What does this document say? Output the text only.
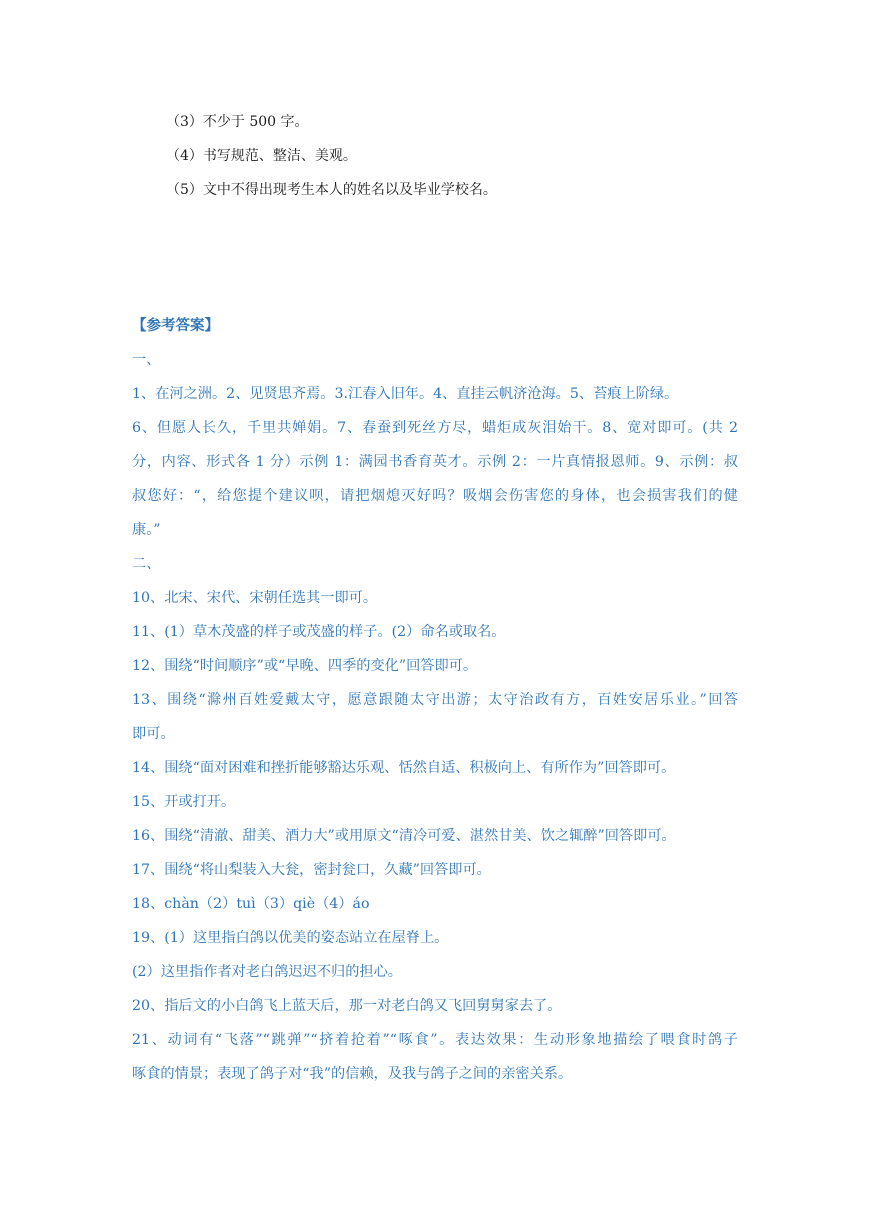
（3）不少于 500 字。
（4）书写规范、整洁、美观。
（5）文中不得出现考生本人的姓名以及毕业学校名。
【参考答案】
一、
1、在河之洲。2、见贤思齐焉。3.江春入旧年。4、直挂云帆济沧海。5、苔痕上阶绿。
6、但愿人长久，千里共婵娟。7、春蚕到死丝方尽，蜡炬成灰泪始干。8、宽对即可。(共 2
分，内容、形式各 1 分）示例 1：满园书香育英才。示例 2：一片真情报恩师。9、示例：叔
叔您好：“，给您提个建议呗，请把烟熄灭好吗？吸烟会伤害您的身体，也会损害我们的健
康。”
二、
10、北宋、宋代、宋朝任选其一即可。
11、(1）草木茂盛的样子或茂盛的样子。(2）命名或取名。
12、围绕“时间顺序”或“早晚、四季的变化”回答即可。
13、围绕“滁州百姓爱戴太守，愿意跟随太守出游；太守治政有方，百姓安居乐业。”回答
即可。
14、围绕“面对困难和挫折能够豁达乐观、恬然自适、积极向上、有所作为”回答即可。
15、开或打开。
16、围绕“清澈、甜美、酒力大”或用原文“清冷可爱、湛然甘美、饮之辄醉”回答即可。
17、围绕“将山梨装入大瓮，密封瓮口，久藏”回答即可。
18、chàn（2）tuì（3）qiè（4）áo
19、(1）这里指白鸽以优美的姿态站立在屋脊上。
(2）这里指作者对老白鸽迟迟不归的担心。
20、指后文的小白鸽飞上蓝天后，那一对老白鸽又飞回舅舅家去了。
21、动词有“飞落”“跳弹”“挤着抢着”“啄食”。表达效果：生动形象地描绘了喂食时鸽子
啄食的情景；表现了鸽子对“我”的信赖，及我与鸽子之间的亲密关系。
